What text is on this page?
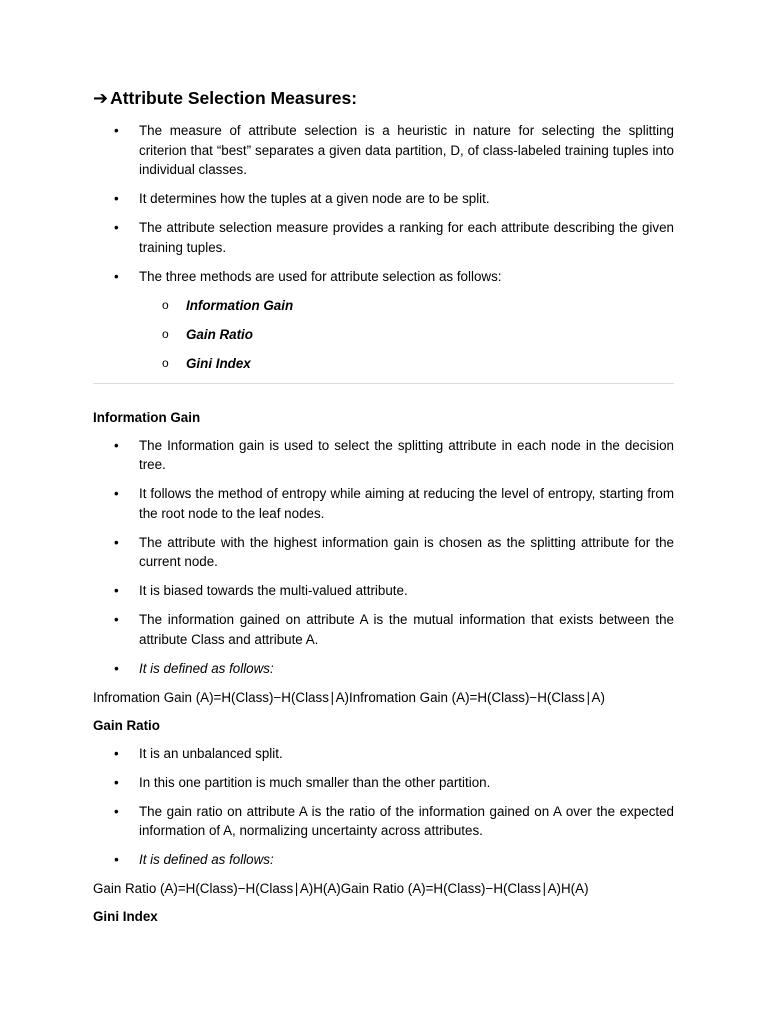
➔ Attribute Selection Measures:
• The measure of attribute selection is a heuristic in nature for selecting the splitting criterion that “best” separates a given data partition, D, of class-labeled training tuples into individual classes.
• It determines how the tuples at a given node are to be split.
• The attribute selection measure provides a ranking for each attribute describing the given training tuples.
• The three methods are used for attribute selection as follows:
o Information Gain
o Gain Ratio
o Gini Index
Information Gain
• The Information gain is used to select the splitting attribute in each node in the decision tree.
• It follows the method of entropy while aiming at reducing the level of entropy, starting from the root node to the leaf nodes.
• The attribute with the highest information gain is chosen as the splitting attribute for the current node.
• It is biased towards the multi-valued attribute.
• The information gained on attribute A is the mutual information that exists between the attribute Class and attribute A.
• It is defined as follows:
Infromation Gain (A)=H(Class)−H(Class∣A)Infromation Gain (A)=H(Class)−H(Class∣A)
Gain Ratio
• It is an unbalanced split.
• In this one partition is much smaller than the other partition.
• The gain ratio on attribute A is the ratio of the information gained on A over the expected information of A, normalizing uncertainty across attributes.
• It is defined as follows:
Gain Ratio (A)=H(Class)−H(Class∣A)H(A)Gain Ratio (A)=H(Class)−H(Class∣A)H(A)
Gini Index
